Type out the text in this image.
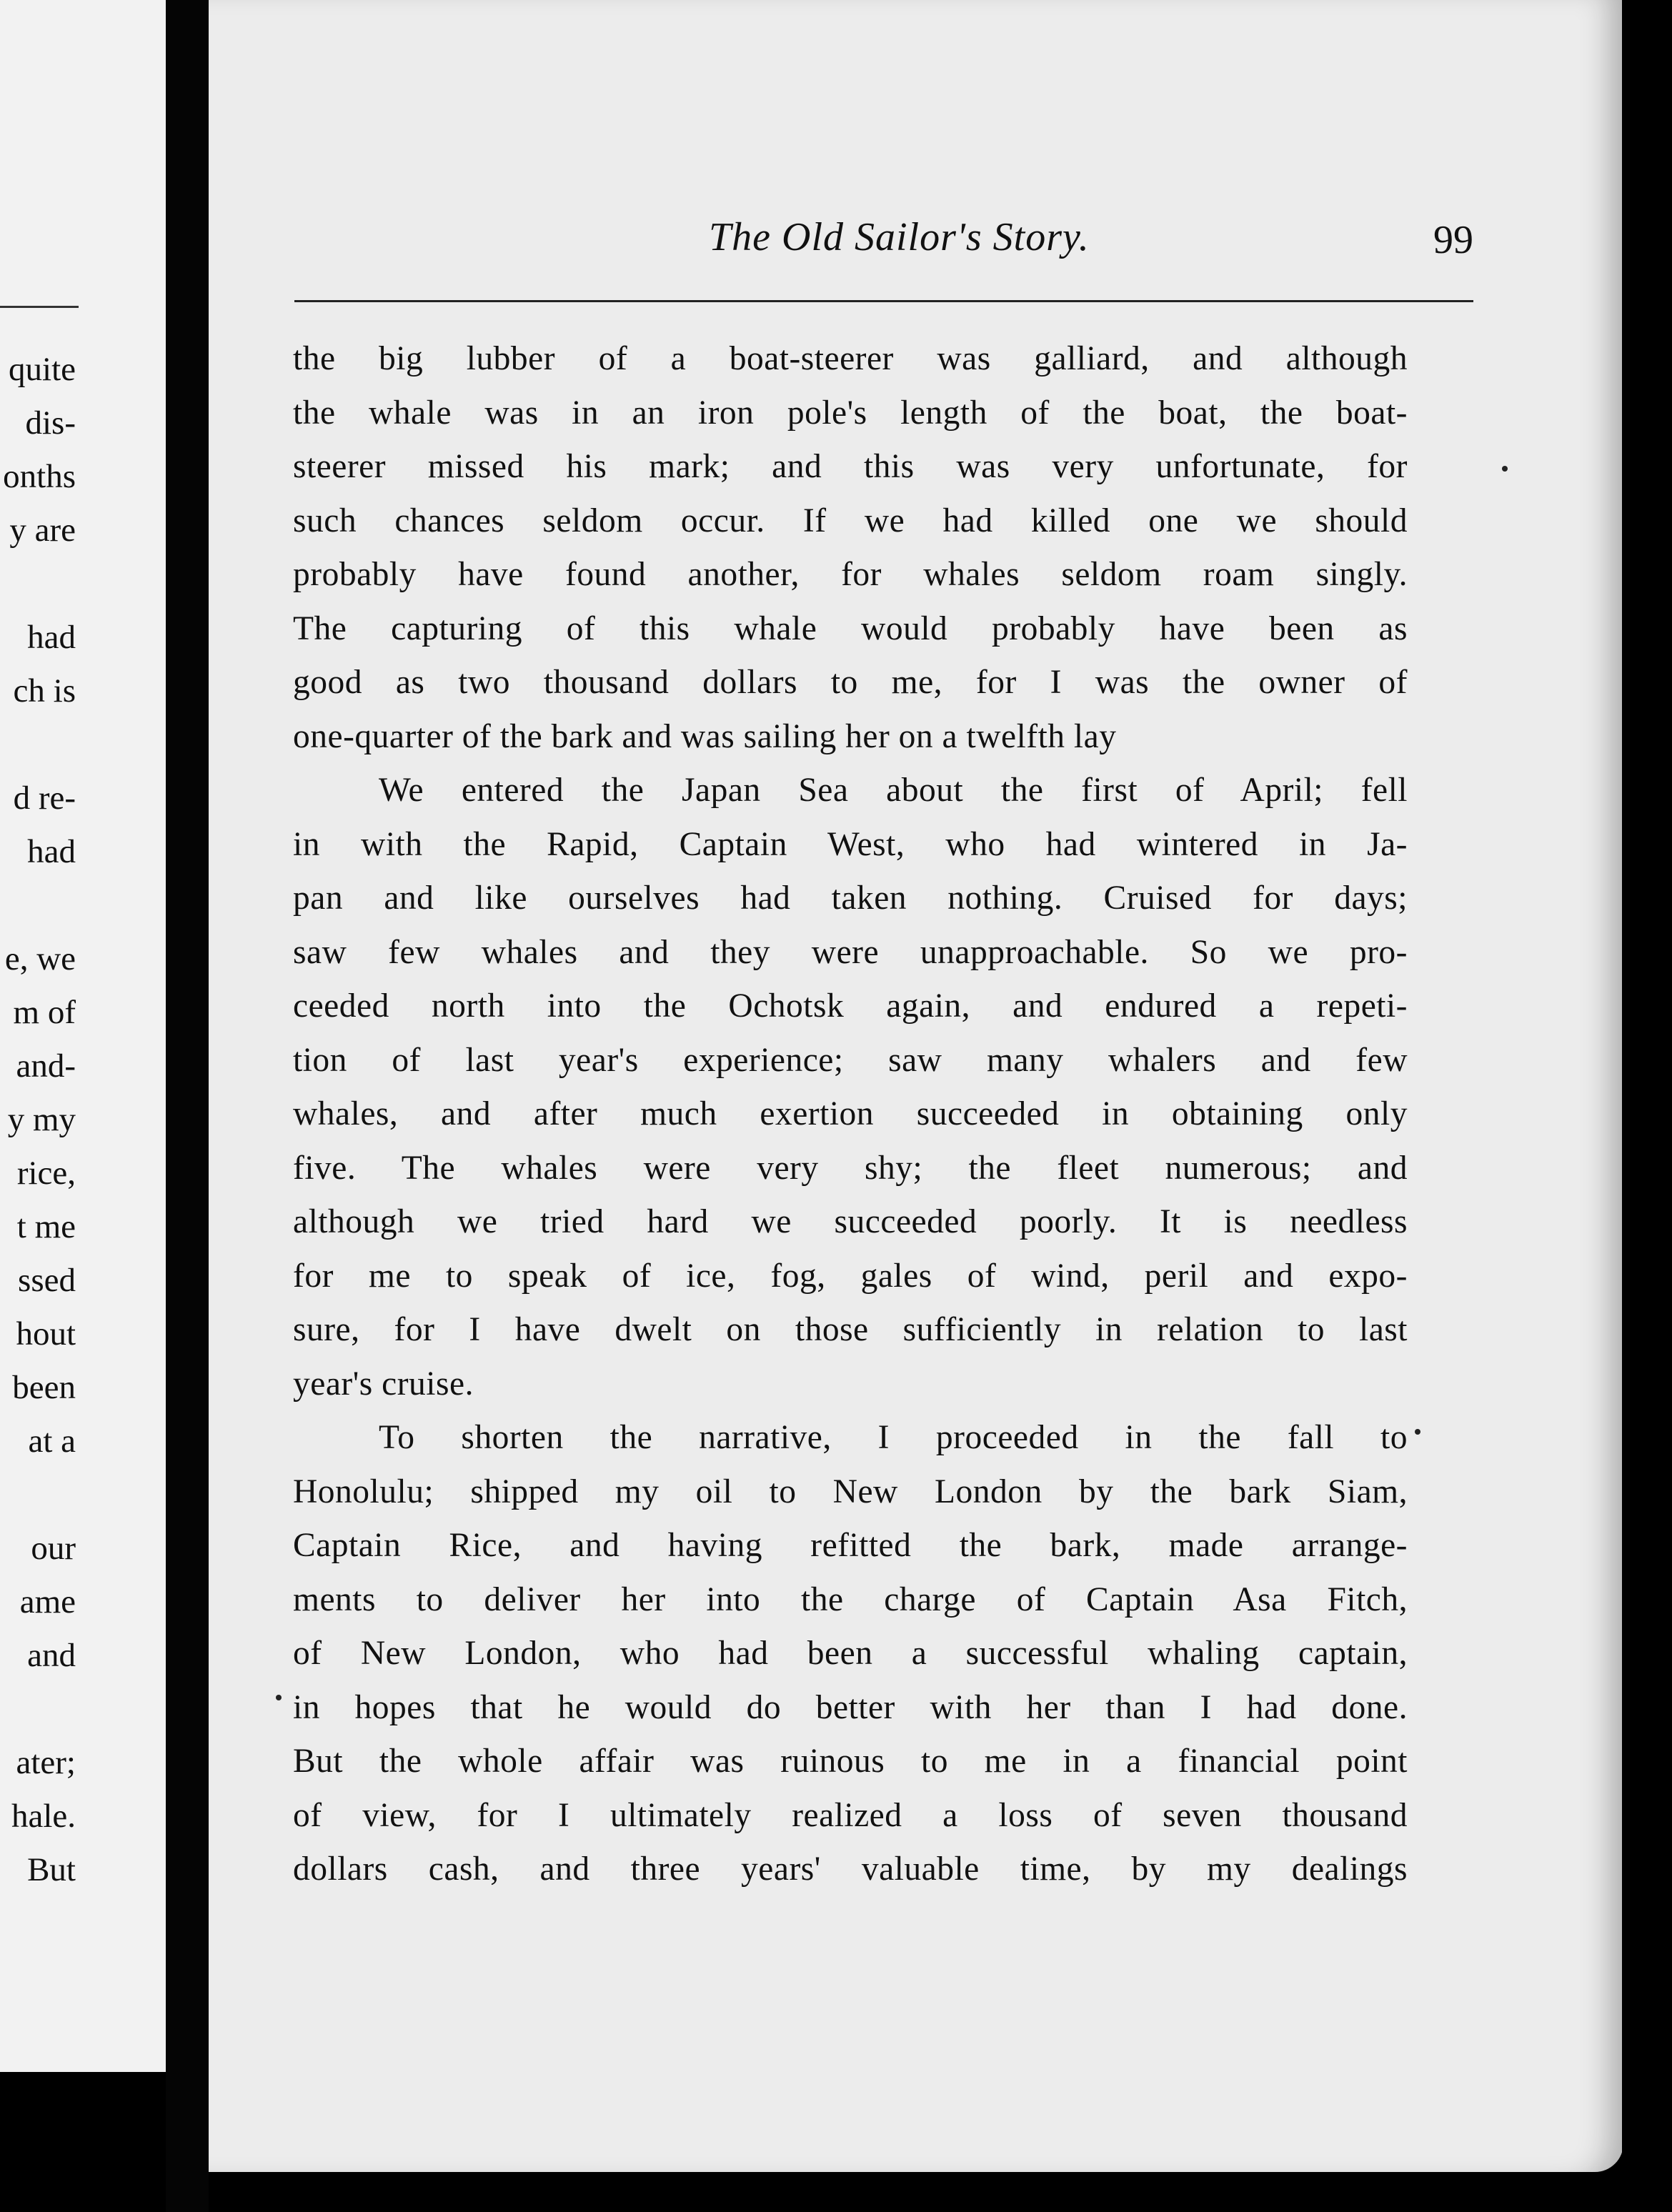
quite
dis-
onths
y are
had
ch is
d re-
had
e, we
m of
and-
y my
rice,
t me
ssed
hout
been
at a
our
ame
and
ater;
hale.
But
The Old Sailor's Story.	99
the big lubber of a boat-steerer was galliard, and although
the whale was in an iron pole's length of the boat, the boat-
steerer missed his mark; and this was very unfortunate, for
such chances seldom occur. If we had killed one we should
probably have found another, for whales seldom roam singly.
The capturing of this whale would probably have been as
good as two thousand dollars to me, for I was the owner of
one-quarter of the bark and was sailing her on a twelfth lay
We entered the Japan Sea about the first of April; fell
in with the Rapid, Captain West, who had wintered in Ja-
pan and like ourselves had taken nothing. Cruised for days;
saw few whales and they were unapproachable. So we pro-
ceeded north into the Ochotsk again, and endured a repeti-
tion of last year's experience; saw many whalers and few
whales, and after much exertion succeeded in obtaining only
five. The whales were very shy; the fleet numerous; and
although we tried hard we succeeded poorly. It is needless
for me to speak of ice, fog, gales of wind, peril and expo-
sure, for I have dwelt on those sufficiently in relation to last
year's cruise.
To shorten the narrative, I proceeded in the fall to
Honolulu; shipped my oil to New London by the bark Siam,
Captain Rice, and having refitted the bark, made arrange-
ments to deliver her into the charge of Captain Asa Fitch,
of New London, who had been a successful whaling captain,
in hopes that he would do better with her than I had done.
But the whole affair was ruinous to me in a financial point
of view, for I ultimately realized a loss of seven thousand
dollars cash, and three years' valuable time, by my dealings
